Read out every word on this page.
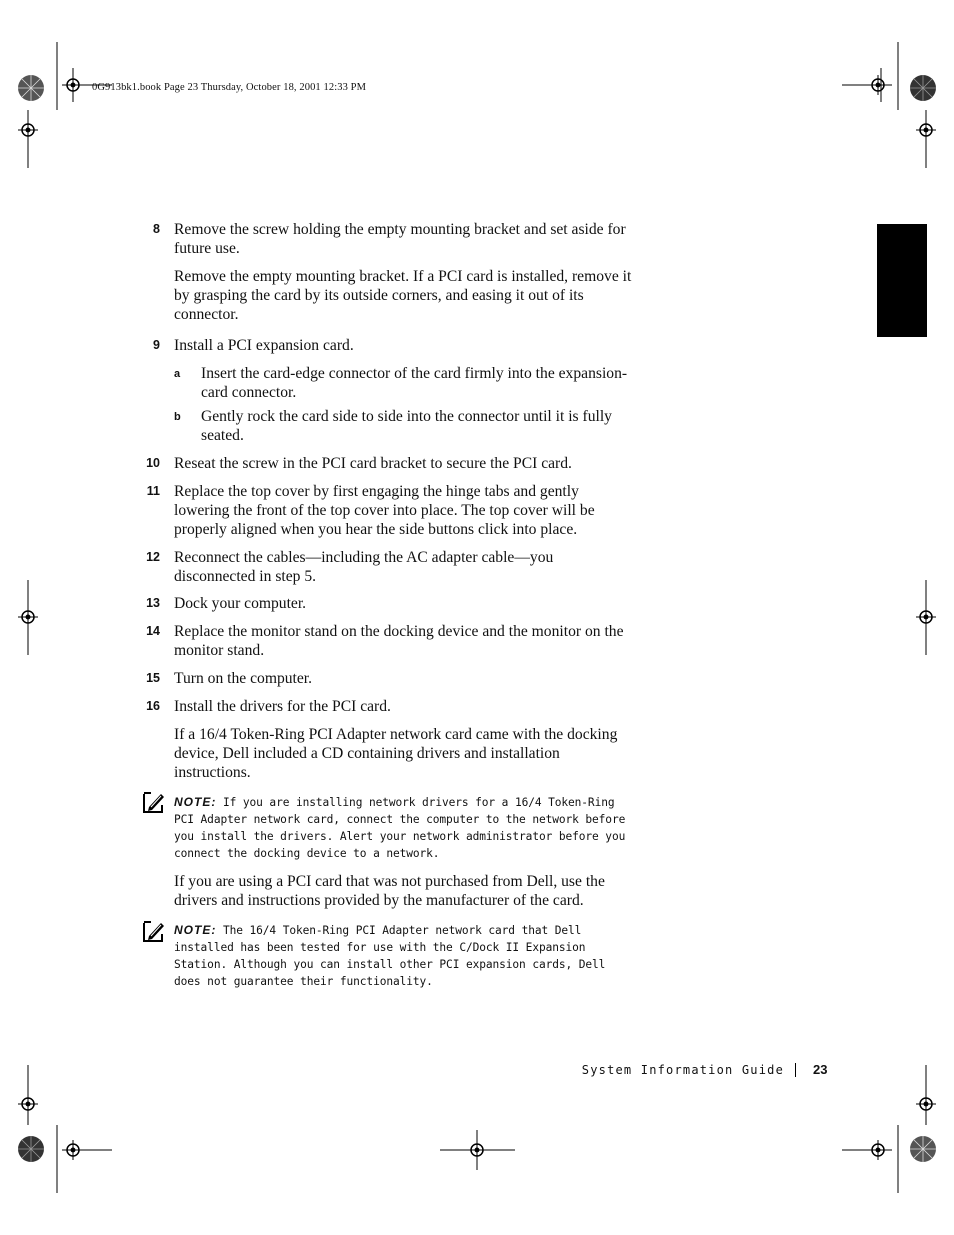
0G913bk1.book Page 23 Thursday, October 18, 2001 12:33 PM
8 Remove the screw holding the empty mounting bracket and set aside for future use.
Remove the empty mounting bracket. If a PCI card is installed, remove it by grasping the card by its outside corners, and easing it out of its connector.
9 Install a PCI expansion card.
a Insert the card-edge connector of the card firmly into the expansion-card connector.
b Gently rock the card side to side into the connector until it is fully seated.
10 Reseat the screw in the PCI card bracket to secure the PCI card.
11 Replace the top cover by first engaging the hinge tabs and gently lowering the front of the top cover into place. The top cover will be properly aligned when you hear the side buttons click into place.
12 Reconnect the cables—including the AC adapter cable—you disconnected in step 5.
13 Dock your computer.
14 Replace the monitor stand on the docking device and the monitor on the monitor stand.
15 Turn on the computer.
16 Install the drivers for the PCI card.
If a 16/4 Token-Ring PCI Adapter network card came with the docking device, Dell included a CD containing drivers and installation instructions.
NOTE: If you are installing network drivers for a 16/4 Token-Ring PCI Adapter network card, connect the computer to the network before you install the drivers. Alert your network administrator before you connect the docking device to a network.
If you are using a PCI card that was not purchased from Dell, use the drivers and instructions provided by the manufacturer of the card.
NOTE: The 16/4 Token-Ring PCI Adapter network card that Dell installed has been tested for use with the C/Dock II Expansion Station. Although you can install other PCI expansion cards, Dell does not guarantee their functionality.
System Information Guide 23
